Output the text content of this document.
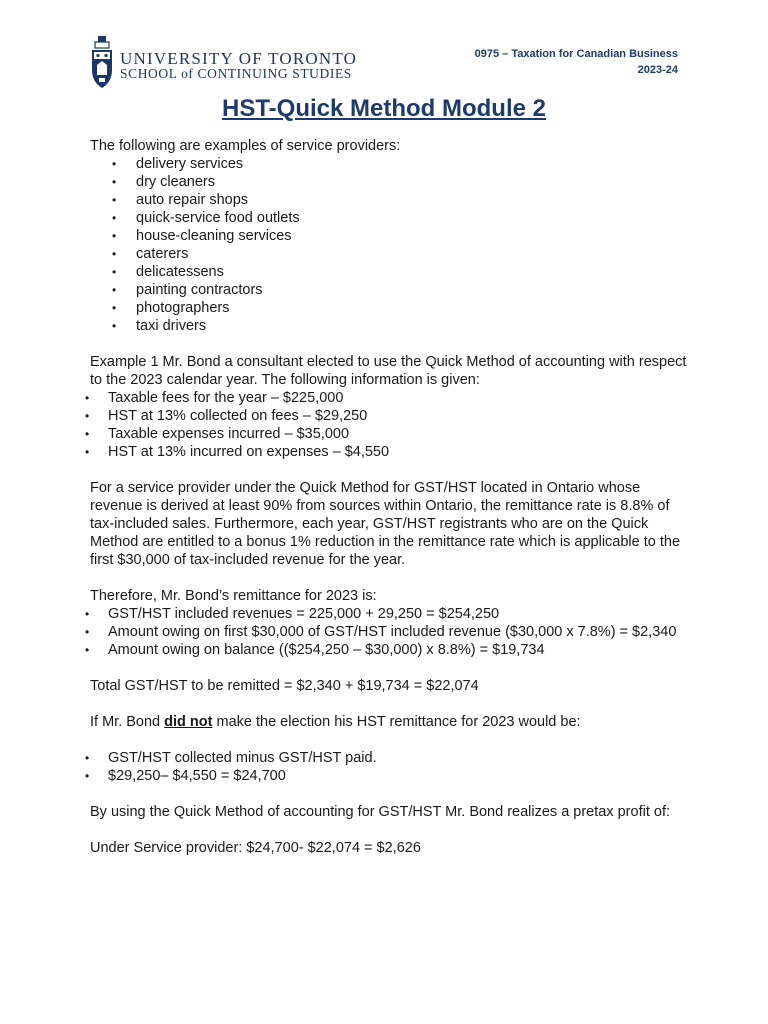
UNIVERSITY OF TORONTO
SCHOOL of CONTINUING STUDIES
0975 – Taxation for Canadian Business
2023-24
HST-Quick Method Module 2

The following are examples of service providers:

• delivery services
• dry cleaners
• auto repair shops
• quick-service food outlets
• house-cleaning services
• caterers
• delicatessens
• painting contractors
• photographers
• taxi drivers

Example 1 Mr. Bond a consultant elected to use the Quick Method of accounting with respect to the 2023 calendar year. The following information is given:

• Taxable fees for the year – $225,000
• HST at 13% collected on fees – $29,250
• Taxable expenses incurred – $35,000
• HST at 13% incurred on expenses – $4,550

For a service provider under the Quick Method for GST/HST located in Ontario whose revenue is derived at least 90% from sources within Ontario, the remittance rate is 8.8% of tax-included sales. Furthermore, each year, GST/HST registrants who are on the Quick Method are entitled to a bonus 1% reduction in the remittance rate which is applicable to the first $30,000 of tax-included revenue for the year.

Therefore, Mr. Bond’s remittance for 2023 is:

• GST/HST included revenues = 225,000 + 29,250 = $254,250
• Amount owing on first $30,000 of GST/HST included revenue ($30,000 x 7.8%) = $2,340
• Amount owing on balance (($254,250 – $30,000) x 8.8%) = $19,734

Total GST/HST to be remitted = $2,340 + $19,734 = $22,074

If Mr. Bond did not make the election his HST remittance for 2023 would be:

• GST/HST collected minus GST/HST paid.
• $29,250– $4,550 = $24,700

By using the Quick Method of accounting for GST/HST Mr. Bond realizes a pretax profit of:

Under Service provider: $24,700- $22,074 = $2,626
